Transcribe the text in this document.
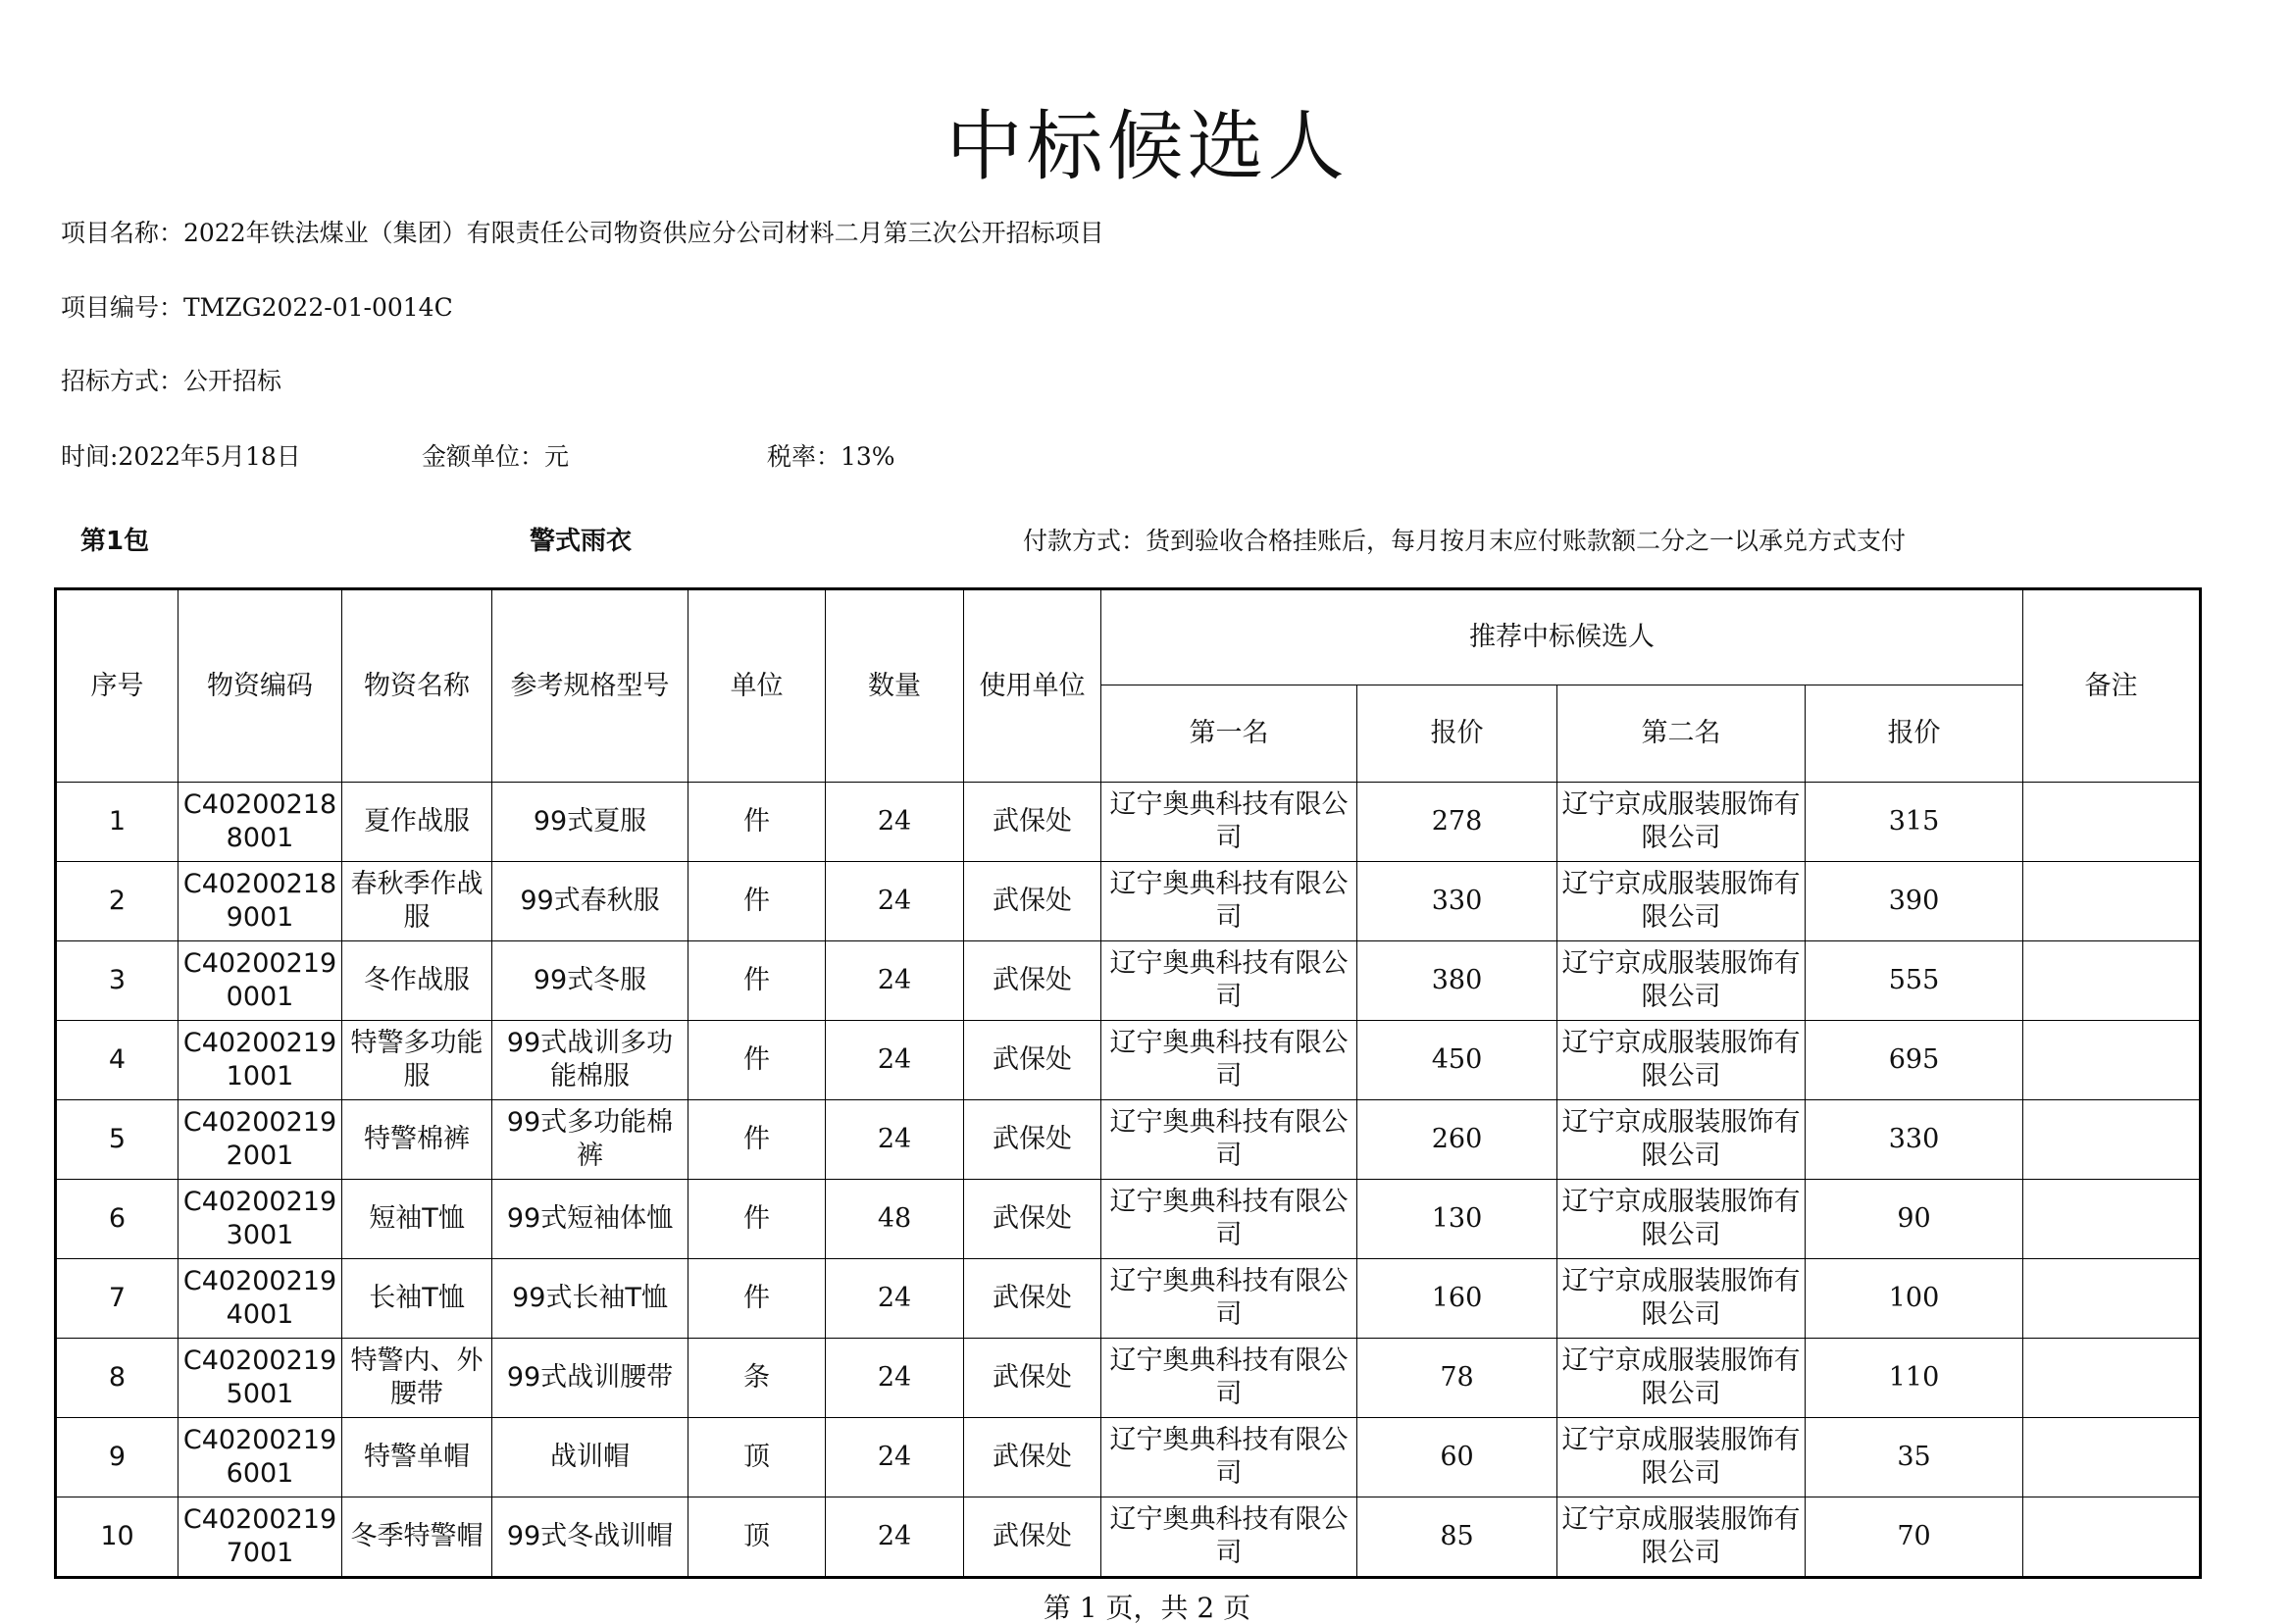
中标候选人
项目名称：2022年铁法煤业（集团）有限责任公司物资供应分公司材料二月第三次公开招标项目
项目编号：TMZG2022-01-0014C
招标方式：公开招标
时间:2022年5月18日	金额单位：元	税率：13%
第1包	警式雨衣	付款方式：货到验收合格挂账后，每月按月末应付账款额二分之一以承兑方式支付
序号	物资编码	物资名称	参考规格型号	单位	数量	使用单位	推荐中标候选人				备注
							第一名	报价	第二名	报价	
1	C402002188001	夏作战服	99式夏服	件	24	武保处	辽宁奥典科技有限公司	278	辽宁京成服装服饰有限公司	315	
2	C402002189001	春秋季作战服	99式春秋服	件	24	武保处	辽宁奥典科技有限公司	330	辽宁京成服装服饰有限公司	390	
3	C402002190001	冬作战服	99式冬服	件	24	武保处	辽宁奥典科技有限公司	380	辽宁京成服装服饰有限公司	555	
4	C402002191001	特警多功能服	99式战训多功能棉服	件	24	武保处	辽宁奥典科技有限公司	450	辽宁京成服装服饰有限公司	695	
5	C402002192001	特警棉裤	99式多功能棉裤	件	24	武保处	辽宁奥典科技有限公司	260	辽宁京成服装服饰有限公司	330	
6	C402002193001	短袖T恤	99式短袖体恤	件	48	武保处	辽宁奥典科技有限公司	130	辽宁京成服装服饰有限公司	90	
7	C402002194001	长袖T恤	99式长袖T恤	件	24	武保处	辽宁奥典科技有限公司	160	辽宁京成服装服饰有限公司	100	
8	C402002195001	特警内、外腰带	99式战训腰带	条	24	武保处	辽宁奥典科技有限公司	78	辽宁京成服装服饰有限公司	110	
9	C402002196001	特警单帽	战训帽	顶	24	武保处	辽宁奥典科技有限公司	60	辽宁京成服装服饰有限公司	35	
10	C402002197001	冬季特警帽	99式冬战训帽	顶	24	武保处	辽宁奥典科技有限公司	85	辽宁京成服装服饰有限公司	70	
第 1 页，共 2 页
